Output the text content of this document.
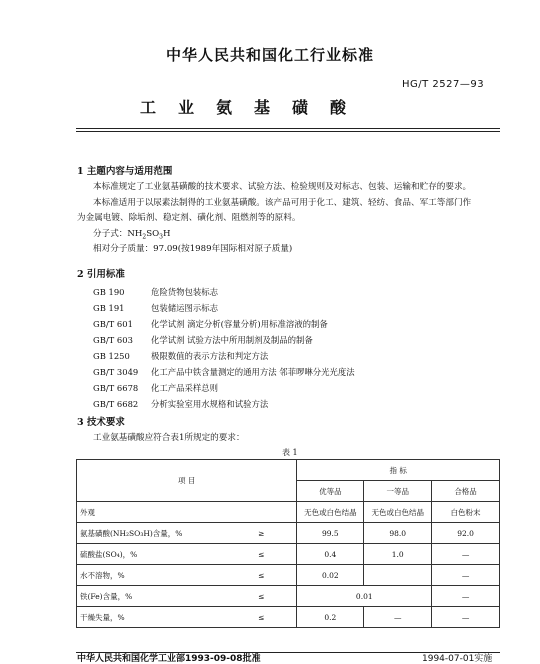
中华人民共和国化工行业标准
HG/T 2527—93
工业氨基磺酸
1 主题内容与适用范围
本标准规定了工业氨基磺酸的技术要求、试验方法、检验规则及对标志、包装、运输和贮存的要求。
本标准适用于以尿素法制得的工业氨基磺酸。该产品可用于化工、建筑、轻纺、食品、军工等部门作
为金属电镀、除垢剂、稳定剂、磺化剂、阻燃剂等的原料。
分子式：$NH_2SO_3H$
相对分子质量：97.09(按1989年国际相对原子质量)
2 引用标准
GB 190	危险货物包装标志
GB 191	包装储运图示标志
GB/T 601 化学试剂 滴定分析(容量分析)用标准溶液的制备
GB/T 603 化学试剂 试验方法中所用制剂及制品的制备
GB 1250	极限数值的表示方法和判定方法
GB/T 3049 化工产品中铁含量测定的通用方法 邻菲啰啉分光光度法
GB/T 6678 化工产品采样总则
GB/T 6682 分析实验室用水规格和试验方法
3 技术要求
工业氨基磺酸应符合表1所规定的要求：
表 1
项 目		指 标		
		优等品	一等品	合格品
外观		无色或白色结晶	无色或白色结晶	白色粉末
氨基磺酸(NH₂SO₃H)含量，%	≥	99.5	98.0	92.0
硫酸盐(SO₄)，%	≤	0.4	1.0	—
水不溶物，%	≤	0.02		—
铁(Fe)含量，%	≤	0.01		—
干燥失量，%	≤	0.2	—	—
中华人民共和国化学工业部1993-09-08批准	1994-07-01实施
